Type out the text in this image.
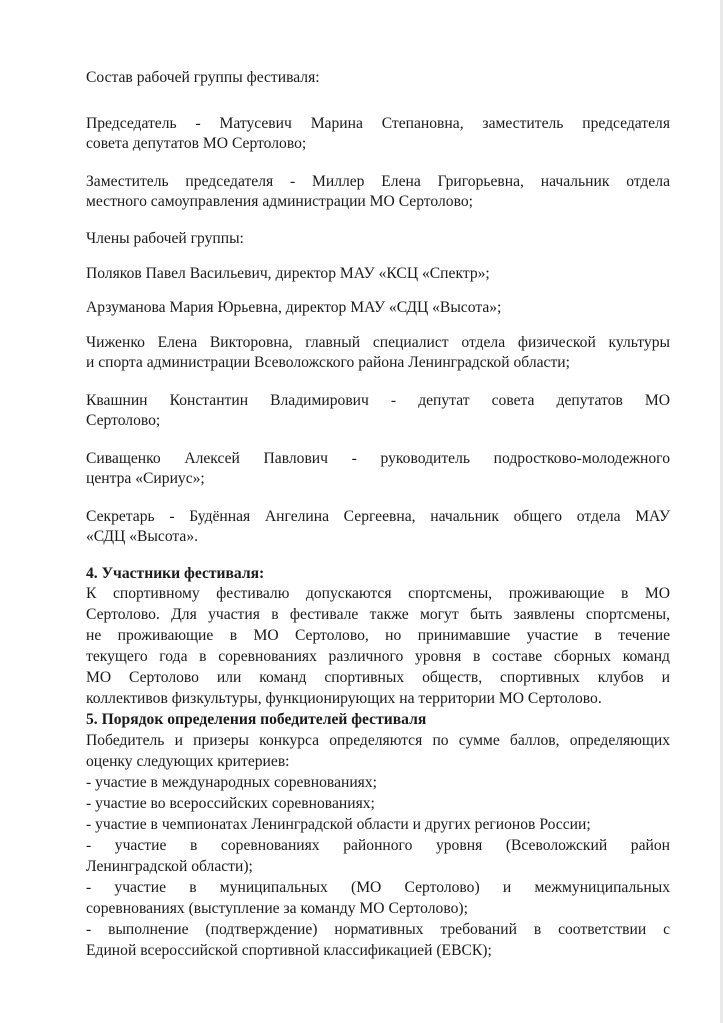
Состав рабочей группы фестиваля:
Председатель - Матусевич Марина Степановна, заместитель председателя
совета депутатов МО Сертолово;
Заместитель председателя - Миллер Елена Григорьевна, начальник отдела
местного самоуправления администрации МО Сертолово;
Члены рабочей группы:
Поляков Павел Васильевич, директор МАУ «КСЦ «Спектр»;
Арзуманова Мария Юрьевна, директор МАУ «СДЦ «Высота»;
Чиженко Елена Викторовна, главный специалист отдела физической культуры
и спорта администрации Всеволожского района Ленинградской области;
Квашнин Константин Владимирович - депутат совета депутатов МО
Сертолово;
Сиващенко Алексей Павлович - руководитель подростково-молодежного
центра «Сириус»;
Секретарь - Будённая Ангелина Сергеевна, начальник общего отдела МАУ
«СДЦ «Высота».
4. Участники фестиваля:
К спортивному фестивалю допускаются спортсмены, проживающие в МО
Сертолово. Для участия в фестивале также могут быть заявлены спортсмены,
не проживающие в МО Сертолово, но принимавшие участие в течение
текущего года в соревнованиях различного уровня в составе сборных команд
МО Сертолово или команд спортивных обществ, спортивных клубов и
коллективов физкультуры, функционирующих на территории МО Сертолово.
5. Порядок определения победителей фестиваля
Победитель и призеры конкурса определяются по сумме баллов, определяющих
оценку следующих критериев:
- участие в международных соревнованиях;
- участие во всероссийских соревнованиях;
- участие в чемпионатах Ленинградской области и других регионов России;
- участие в соревнованиях районного уровня (Всеволожский район
Ленинградской области);
- участие в муниципальных (МО Сертолово) и межмуниципальных
соревнованиях (выступление за команду МО Сертолово);
- выполнение (подтверждение) нормативных требований в соответствии с
Единой всероссийской спортивной классификацией (ЕВСК);
